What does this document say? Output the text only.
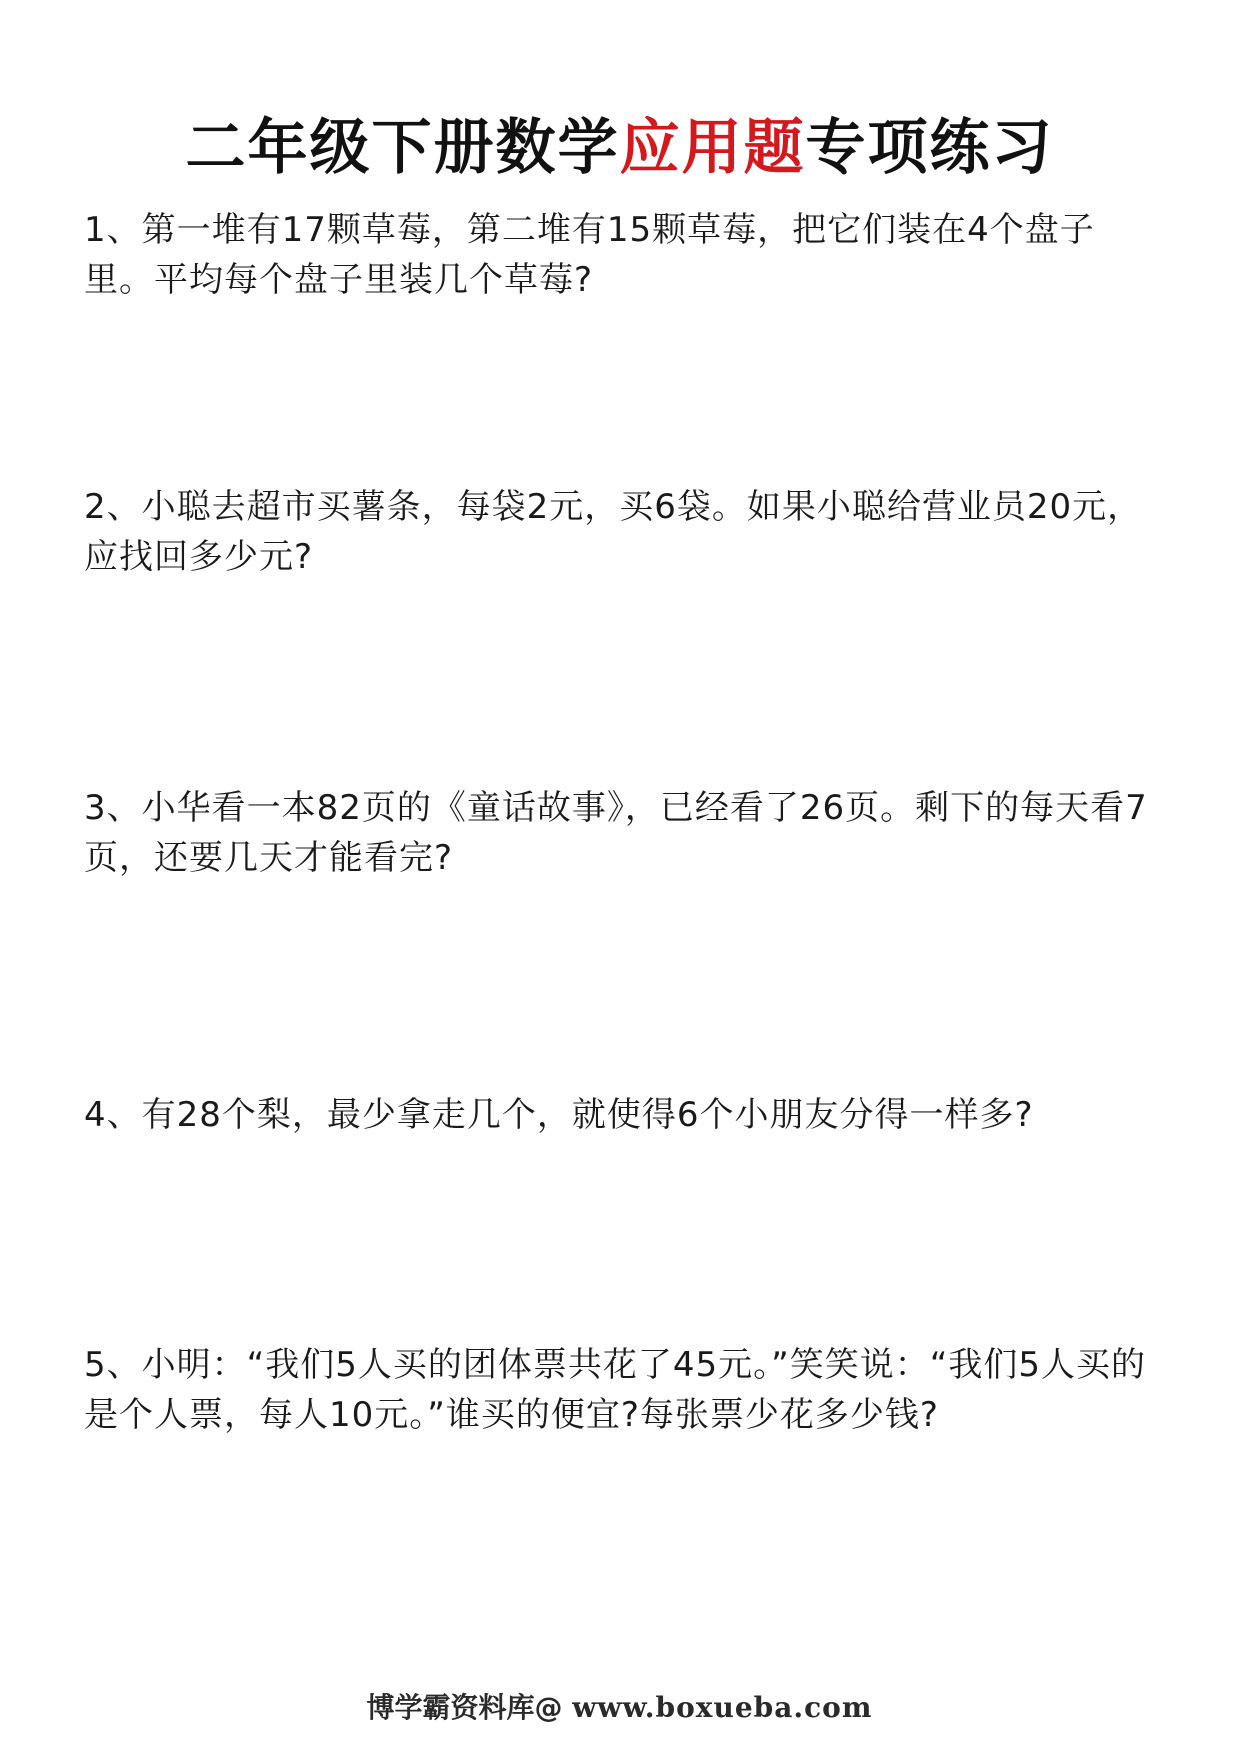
二年级下册数学应用题专项练习
1、第一堆有17颗草莓，第二堆有15颗草莓，把它们装在4个盘子里。平均每个盘子里装几个草莓?
2、小聪去超市买薯条，每袋2元，买6袋。如果小聪给营业员20元，应找回多少元?
3、小华看一本82页的《童话故事》，已经看了26页。剩下的每天看7页，还要几天才能看完?
4、有28个梨，最少拿走几个，就使得6个小朋友分得一样多?
5、小明：“我们5人买的团体票共花了45元。”笑笑说：“我们5人买的是个人票，每人10元。”谁买的便宜?每张票少花多少钱?
博学霸资料库@ www.boxueba.com
